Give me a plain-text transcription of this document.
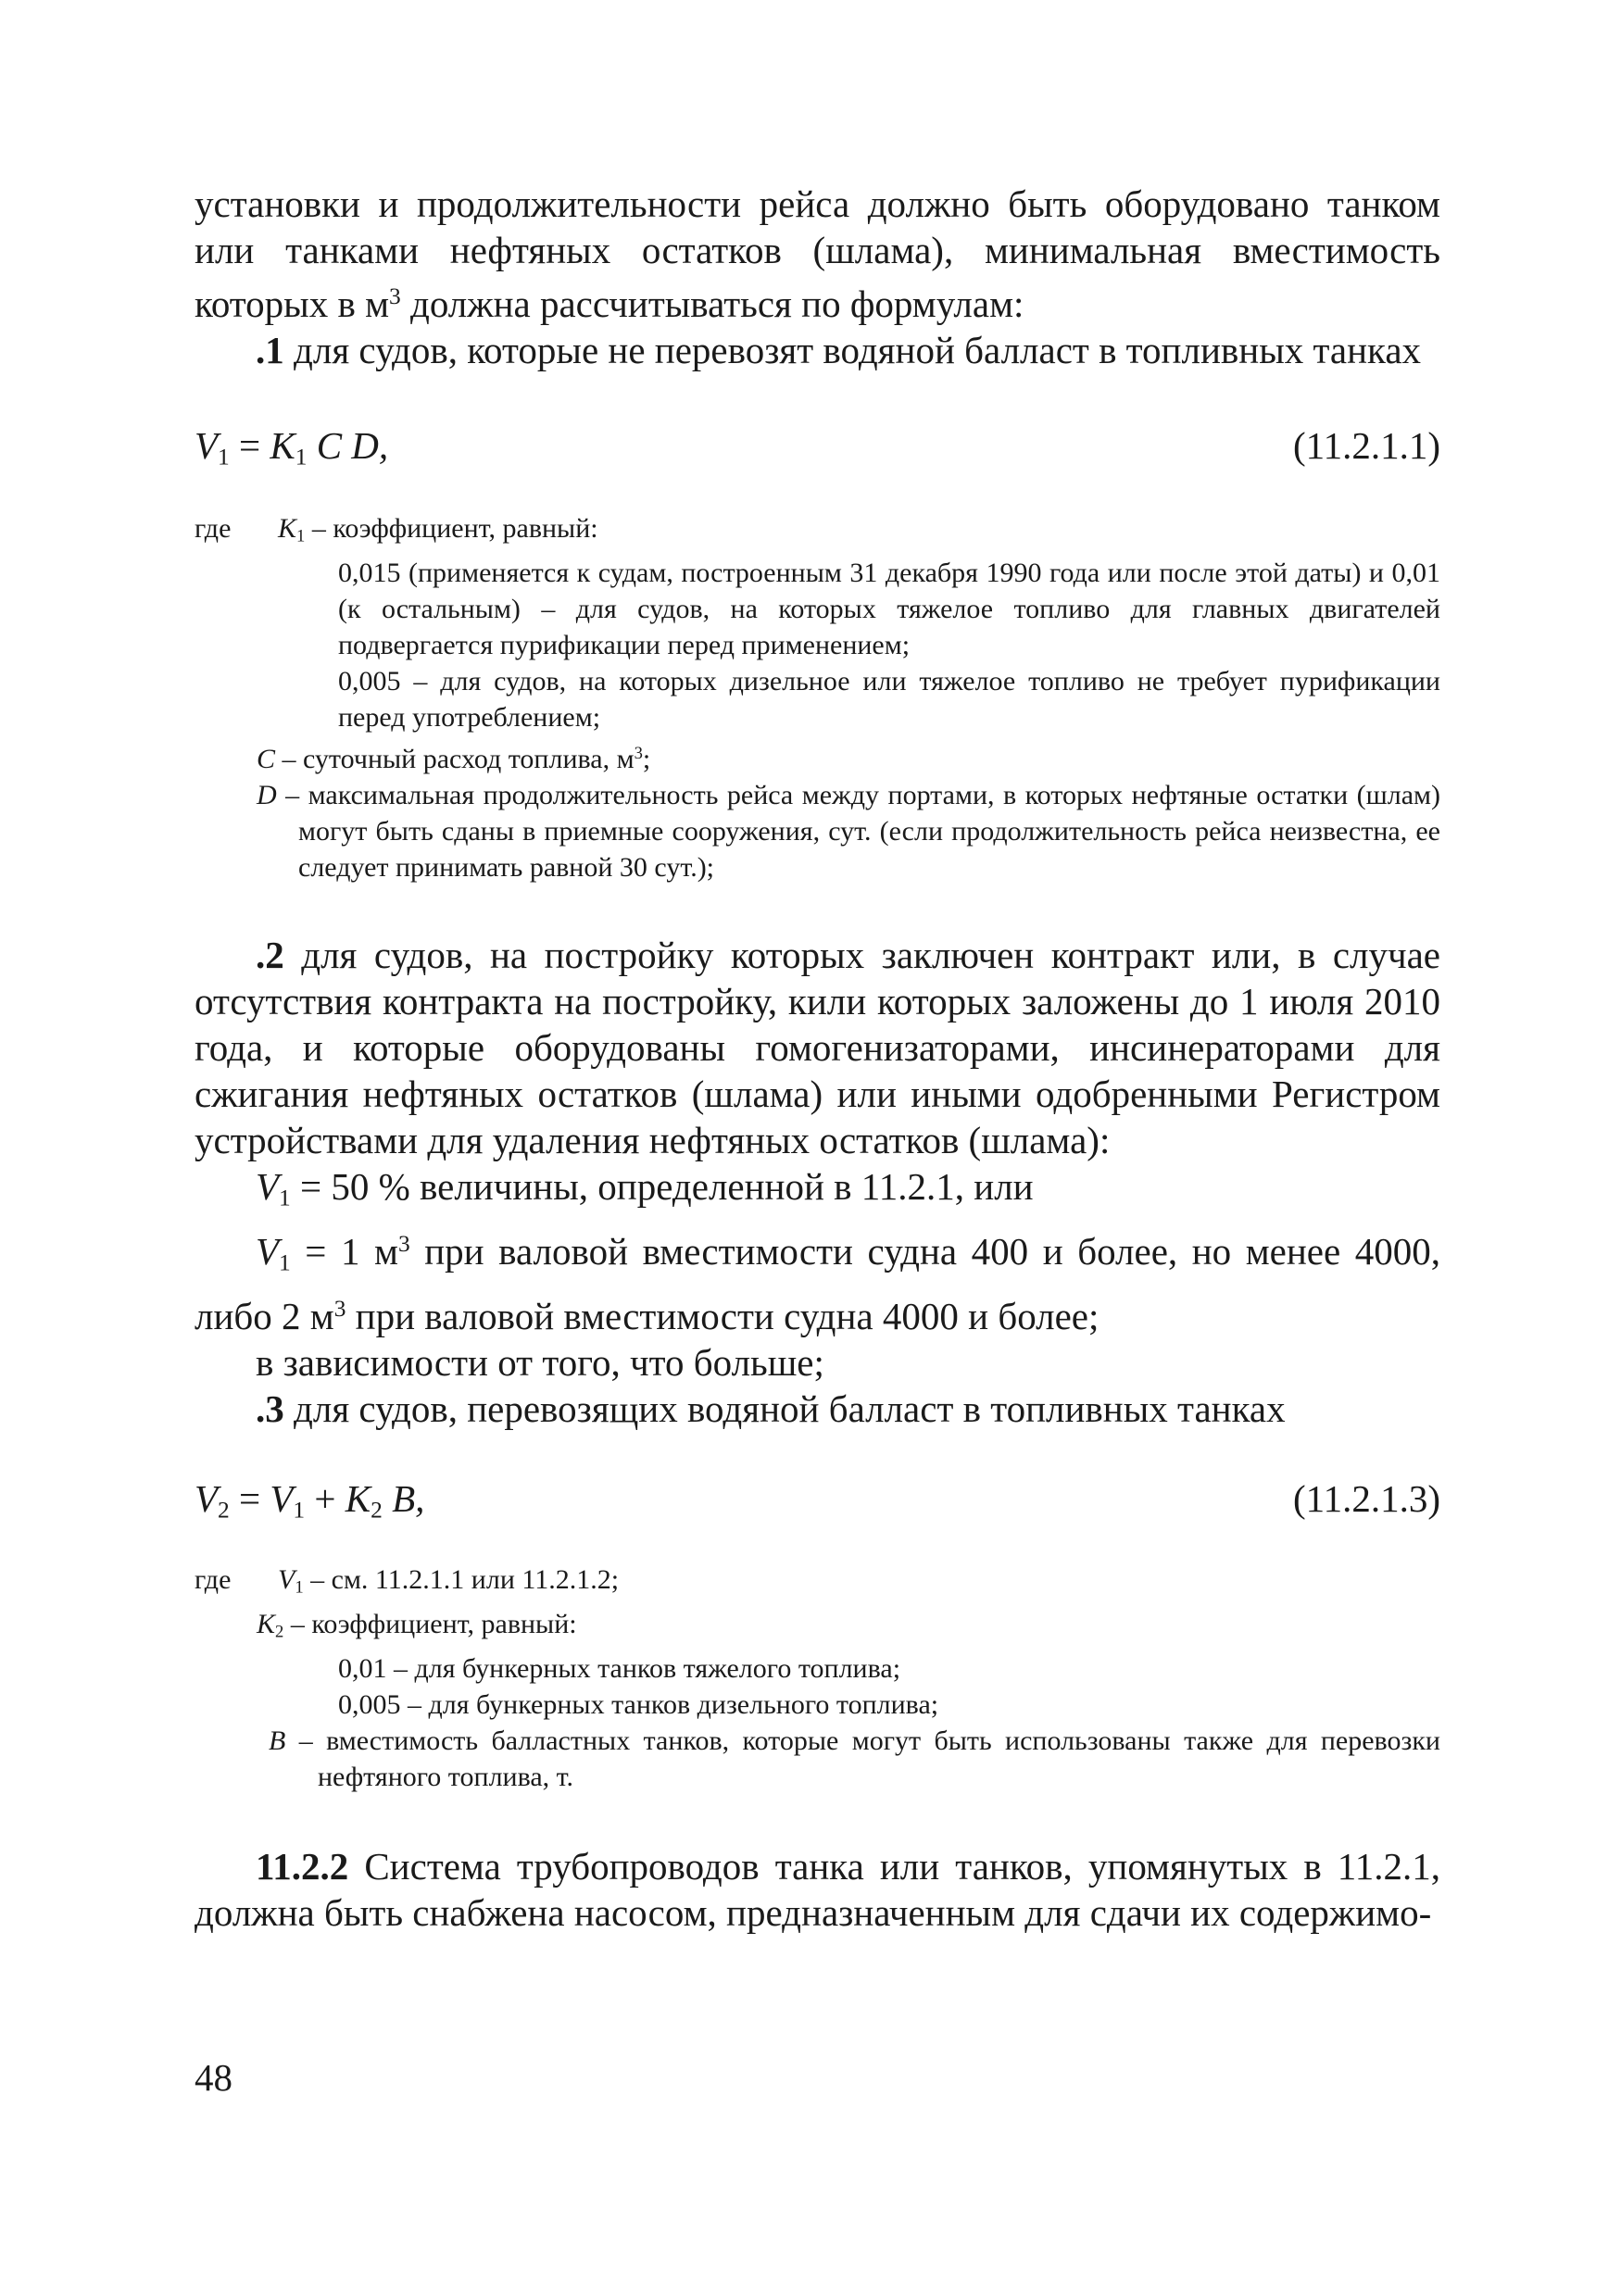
установки и продолжительности рейса должно быть оборудовано танком или танками нефтяных остатков (шлама), минимальная вместимость которых в $м^3$ должна рассчитываться по формулам:

.1 для судов, которые не перевозят водяной балласт в топливных танках

$V_1 = K_1$ C D,	(11.2.1.1)
где $K_1$ – коэффициент, равный:
0,015 (применяется к судам, построенным 31 декабря 1990 года или после этой даты) и 0,01 (к остальным) – для судов, на которых тяжелое топливо для главных двигателей подвергается пурификации перед применением;
0,005 – для судов, на которых дизельное или тяжелое топливо не требует пурификации перед употреблением;
C – суточный расход топлива, $м^3$;
D – максимальная продолжительность рейса между портами, в которых нефтяные остатки (шлам) могут быть сданы в приемные сооружения, сут. (если продолжительность рейса неизвестна, ее следует принимать равной 30 сут.);

.2 для судов, на постройку которых заключен контракт или, в случае отсутствия контракта на постройку, кили которых заложены до 1 июля 2010 года, и которые оборудованы гомогенизаторами, инсинераторами для сжигания нефтяных остатков (шлама) или иными одобренными Регистром устройствами для удаления нефтяных остатков (шлама):

$V_1 = 50$ % величины, определенной в 11.2.1, или

$V_1 = 1$ $м^3$ при валовой вместимости судна 400 и более, но менее 4000, либо 2 $м^3$ при валовой вместимости судна 4000 и более;

в зависимости от того, что больше;

.3 для судов, перевозящих водяной балласт в топливных танках

$V_2 = V_1 + K_2$ B,	(11.2.1.3)
где $V_1$ – см. 11.2.1.1 или 11.2.1.2;
$K_2$ – коэффициент, равный:
0,01 – для бункерных танков тяжелого топлива;
0,005 – для бункерных танков дизельного топлива;
B – вместимость балластных танков, которые могут быть использованы также для перевозки нефтяного топлива, т.

11.2.2 Система трубопроводов танка или танков, упомянутых в 11.2.1, должна быть снабжена насосом, предназначенным для сдачи их содержимо-

48
